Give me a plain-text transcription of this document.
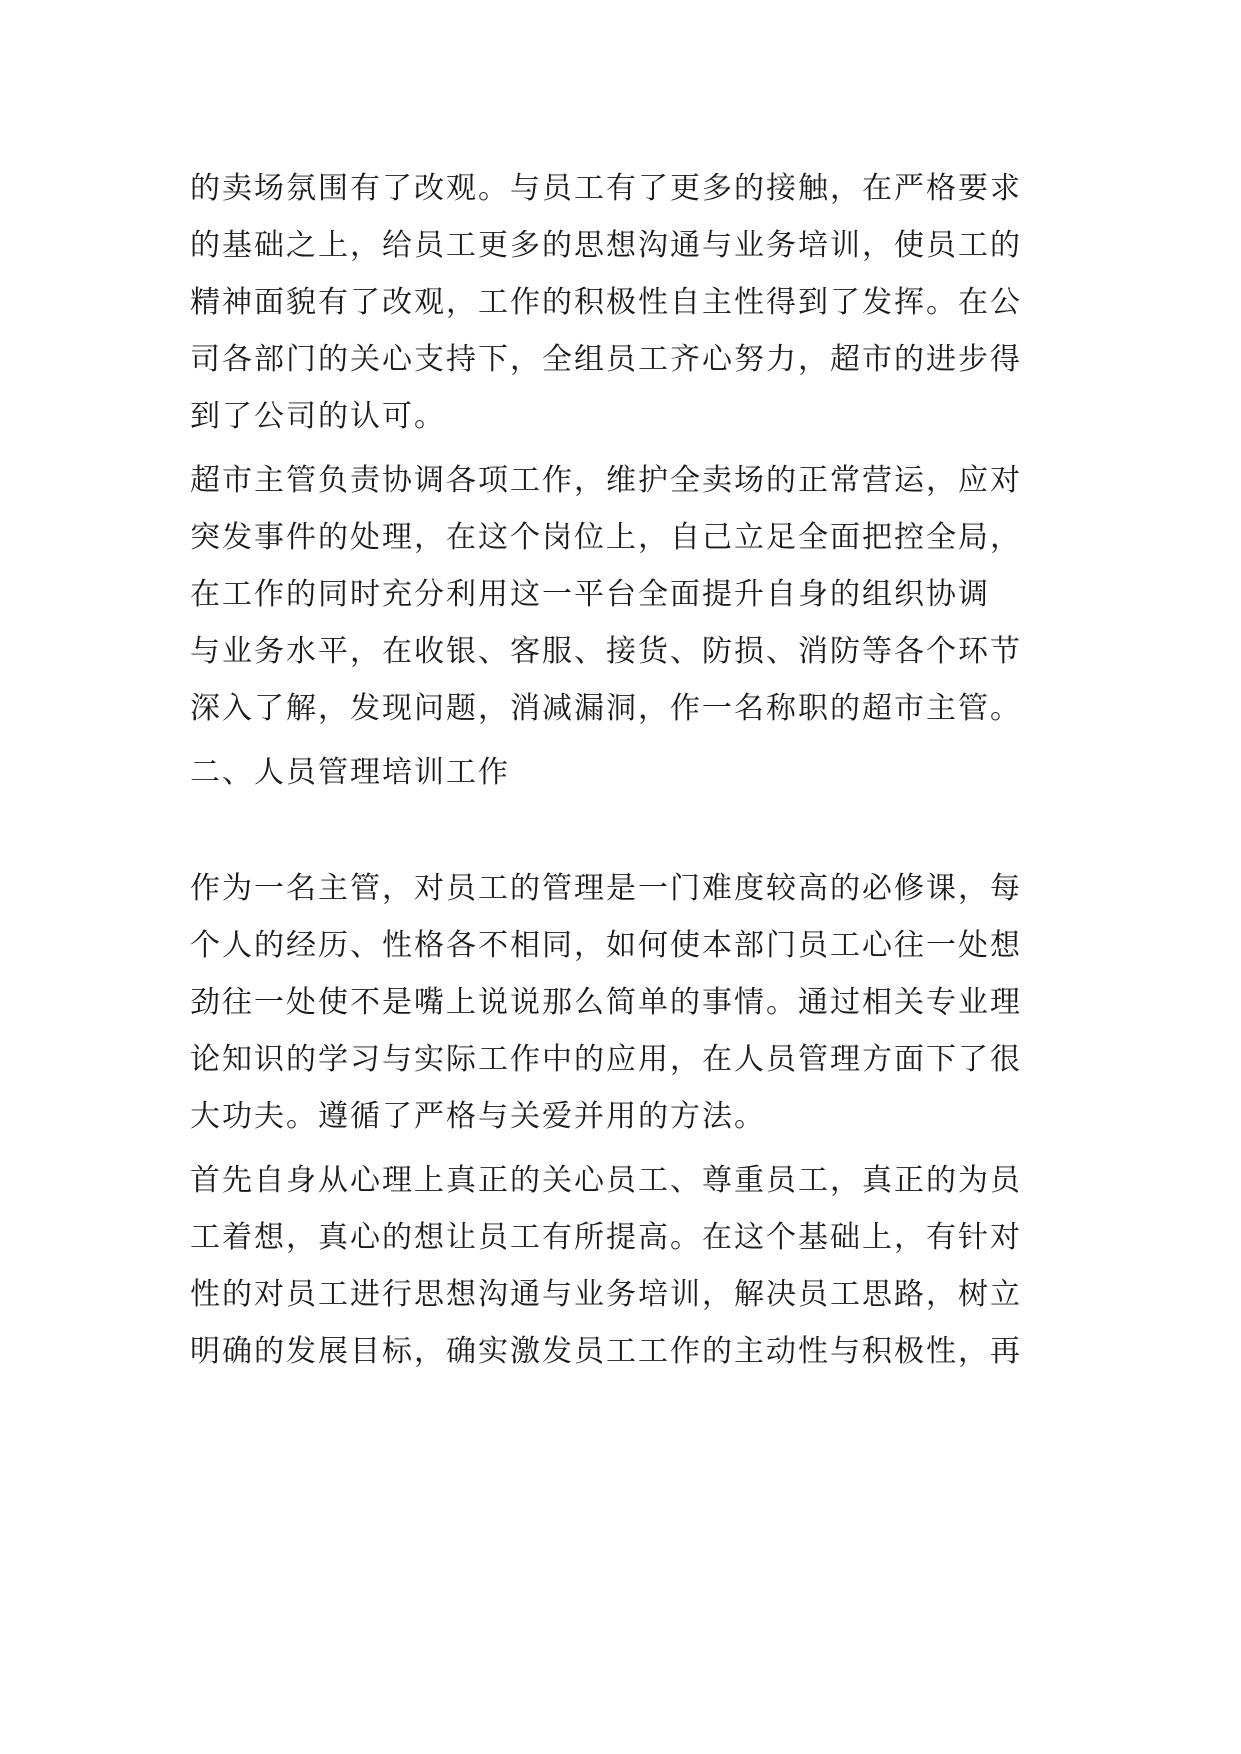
的卖场氛围有了改观。与员工有了更多的接触，在严格要求
的基础之上，给员工更多的思想沟通与业务培训，使员工的
精神面貌有了改观，工作的积极性自主性得到了发挥。在公
司各部门的关心支持下，全组员工齐心努力，超市的进步得
到了公司的认可。
超市主管负责协调各项工作，维护全卖场的正常营运，应对
突发事件的处理，在这个岗位上，自己立足全面把控全局，
在工作的同时充分利用这一平台全面提升自身的组织协调
与业务水平，在收银、客服、接货、防损、消防等各个环节
深入了解，发现问题，消减漏洞，作一名称职的超市主管。
二、人员管理培训工作
作为一名主管，对员工的管理是一门难度较高的必修课，每
个人的经历、性格各不相同，如何使本部门员工心往一处想
劲往一处使不是嘴上说说那么简单的事情。通过相关专业理
论知识的学习与实际工作中的应用，在人员管理方面下了很
大功夫。遵循了严格与关爱并用的方法。
首先自身从心理上真正的关心员工、尊重员工，真正的为员
工着想，真心的想让员工有所提高。在这个基础上，有针对
性的对员工进行思想沟通与业务培训，解决员工思路，树立
明确的发展目标，确实激发员工工作的主动性与积极性，再
